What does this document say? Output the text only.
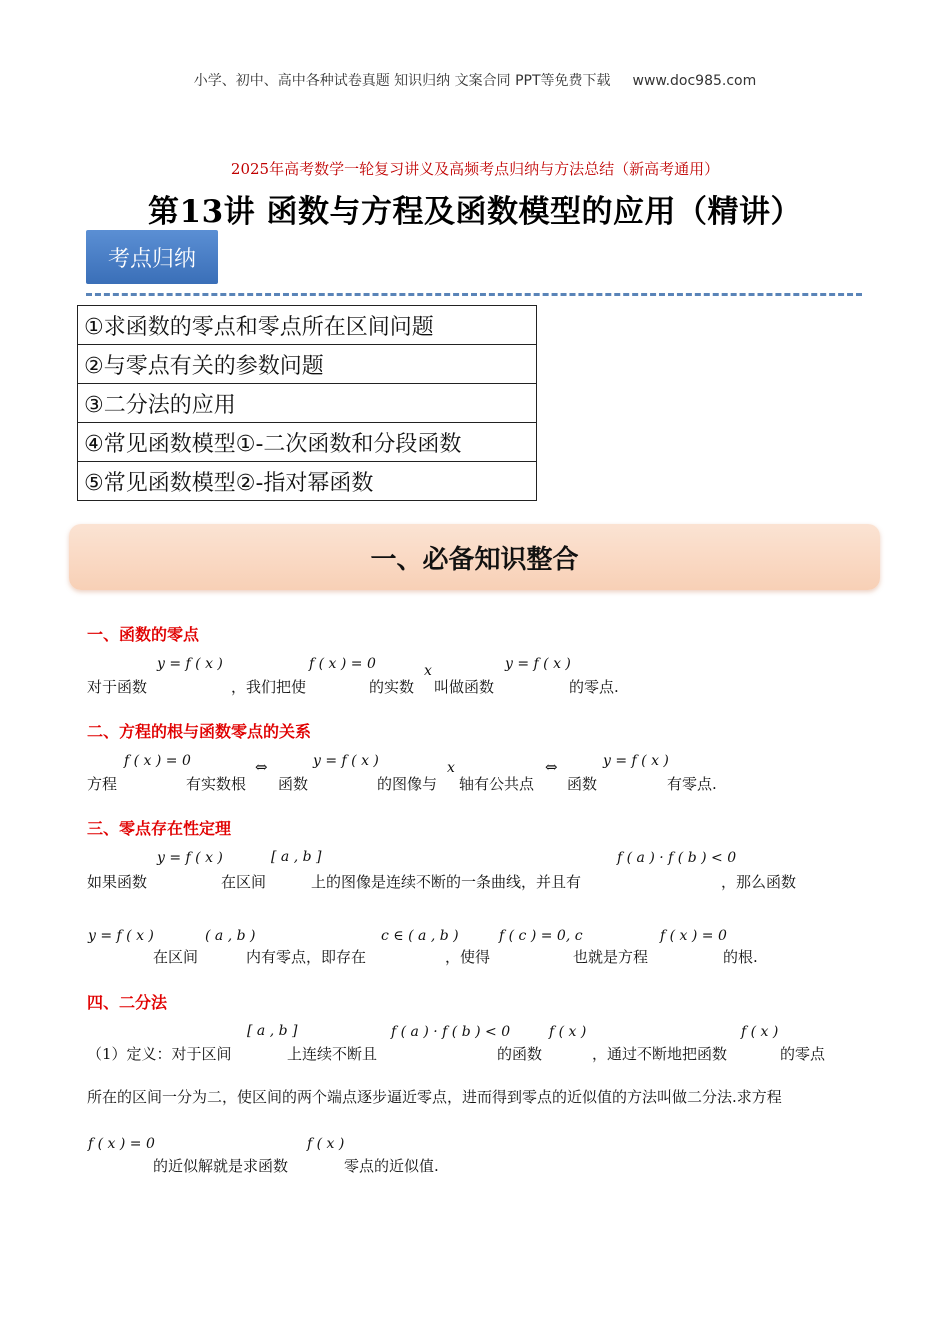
小学、初中、高中各种试卷真题 知识归纳 文案合同 PPT等免费下载 www.doc985.com
2025年高考数学一轮复习讲义及高频考点归纳与方法总结（新高考通用）
第13讲 函数与方程及函数模型的应用（精讲）
考点归纳
①求函数的零点和零点所在区间问题
②与零点有关的参数问题
③二分法的应用
④常见函数模型①-二次函数和分段函数
⑤常见函数模型②-指对幂函数
一、必备知识整合
一、函数的零点
对于函数
y = f ( x )
，我们把使
f ( x ) = 0
的实数
x
叫做函数
y = f ( x )
的零点.
二、方程的根与函数零点的关系
方程
f ( x ) = 0
有实数根
⇔
函数
y = f ( x )
的图像与
x
轴有公共点
⇔
函数
y = f ( x )
有零点.
三、零点存在性定理
如果函数
y = f ( x )
在区间
[ a , b ]
上的图像是连续不断的一条曲线，并且有
f ( a ) · f ( b ) < 0
，那么函数
y = f ( x )
在区间
( a , b )
内有零点，即存在
c ∈ ( a , b )
，使得
f ( c ) = 0, c
也就是方程
f ( x ) = 0
的根.
四、二分法
（1）定义：对于区间
[ a , b ]
上连续不断且
f ( a ) · f ( b ) < 0
的函数
f ( x )
，通过不断地把函数
f ( x )
的零点
所在的区间一分为二，使区间的两个端点逐步逼近零点，进而得到零点的近似值的方法叫做二分法.求方程
f ( x ) = 0
的近似解就是求函数
f ( x )
零点的近似值.
